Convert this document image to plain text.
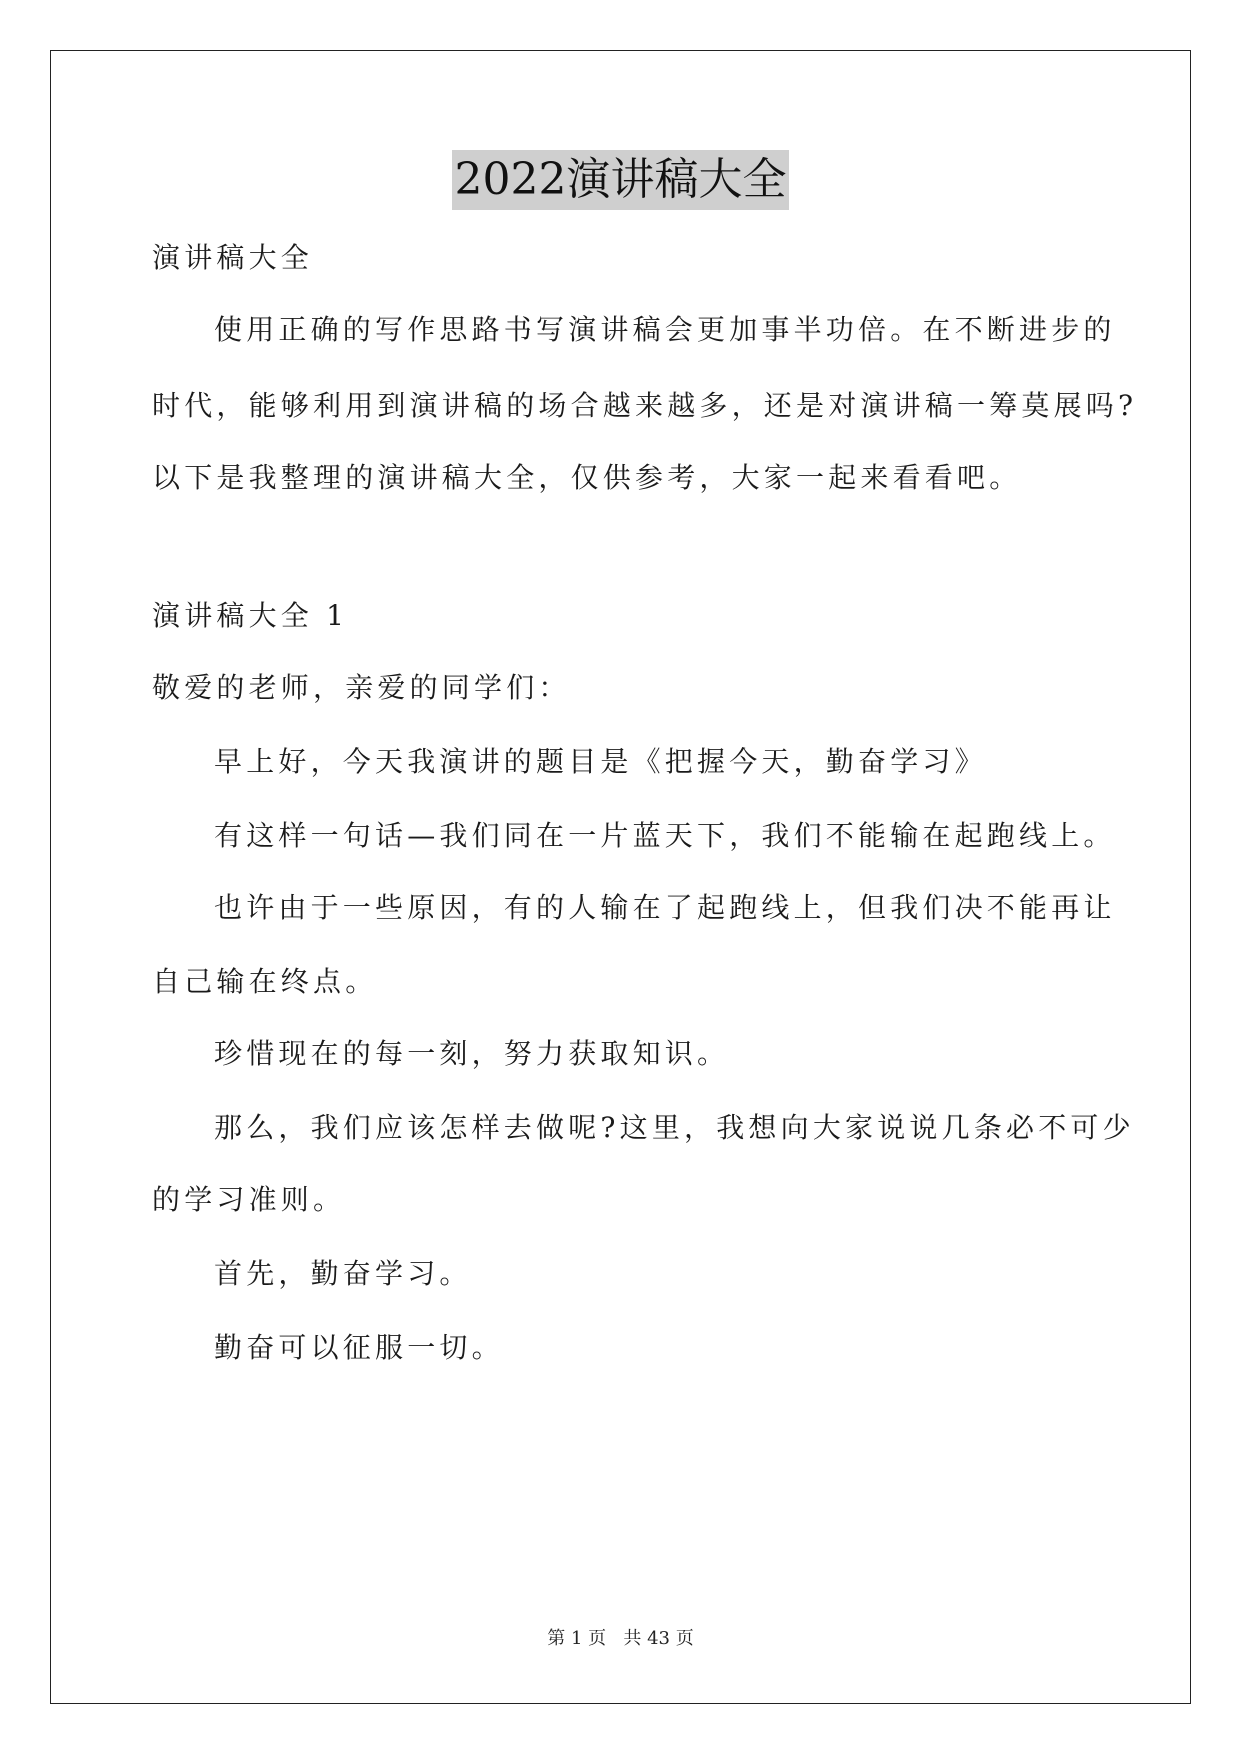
2022演讲稿大全
演讲稿大全
使用正确的写作思路书写演讲稿会更加事半功倍。在不断进步的
时代，能够利用到演讲稿的场合越来越多，还是对演讲稿一筹莫展吗?
以下是我整理的演讲稿大全，仅供参考，大家一起来看看吧。
演讲稿大全 1
敬爱的老师，亲爱的同学们：
早上好，今天我演讲的题目是《把握今天，勤奋学习》
有这样一句话—我们同在一片蓝天下，我们不能输在起跑线上。
也许由于一些原因，有的人输在了起跑线上，但我们决不能再让
自己输在终点。
珍惜现在的每一刻，努力获取知识。
那么，我们应该怎样去做呢?这里，我想向大家说说几条必不可少
的学习准则。
首先，勤奋学习。
勤奋可以征服一切。
第 1 页   共 43 页
